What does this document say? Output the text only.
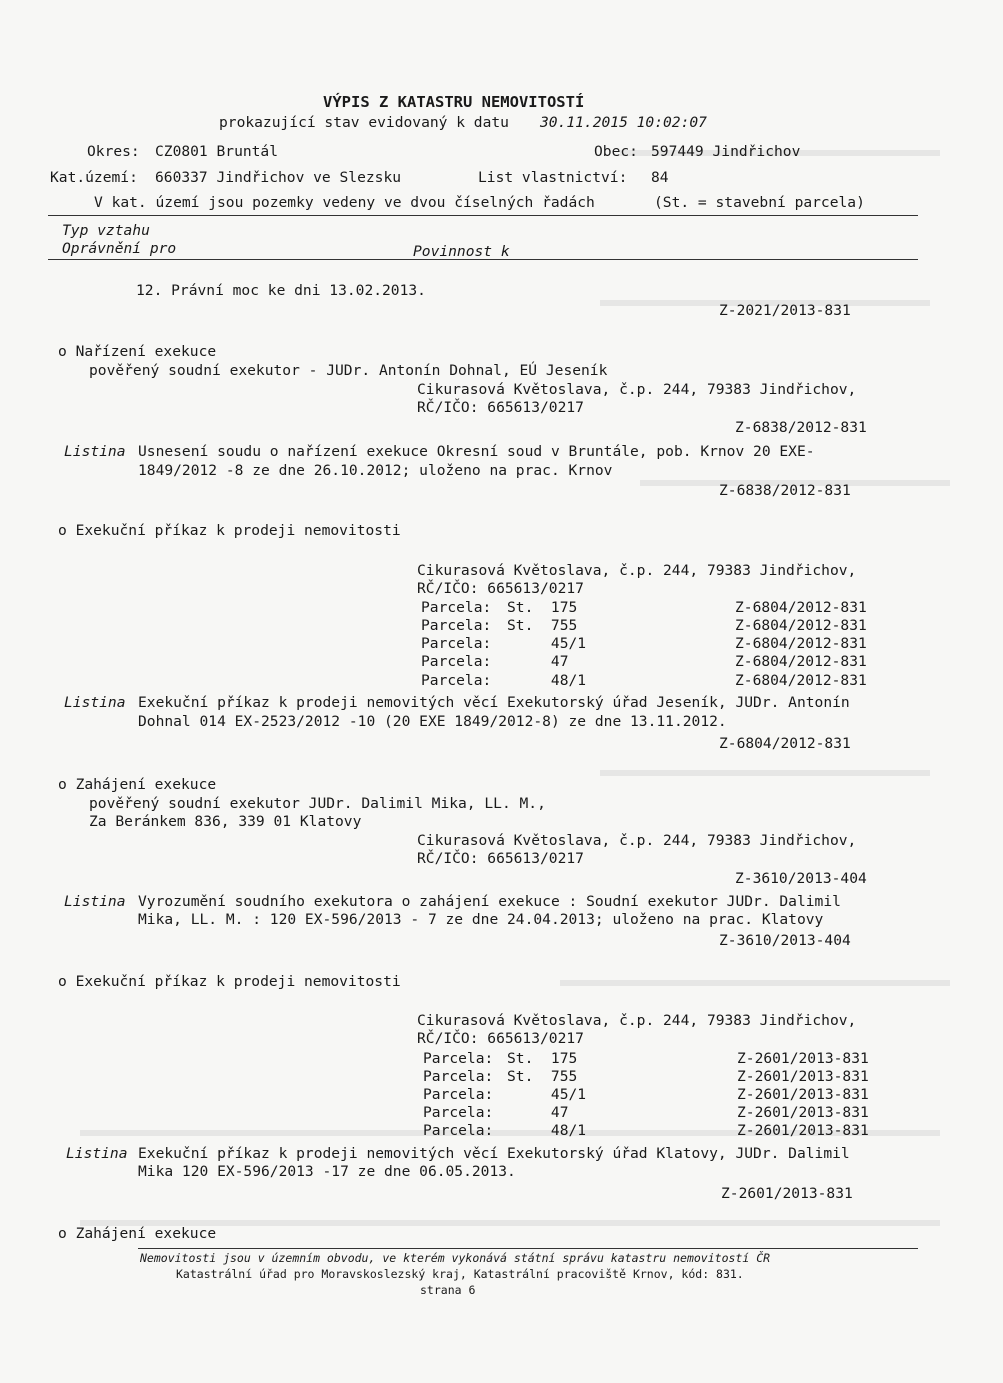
VÝPIS Z KATASTRU NEMOVITOSTÍ
prokazující stav evidovaný k datu 30.11.2015 10:02:07
Okres: CZ0801 Bruntál	Obec: 597449 Jindřichov
Kat.území: 660337 Jindřichov ve Slezsku	List vlastnictví: 84
V kat. území jsou pozemky vedeny ve dvou číselných řadách	(St. = stavební parcela)
Typ vztahu
Oprávnění pro	Povinnost k
12. Právní moc ke dni 13.02.2013.
Z-2021/2013-831
o Nařízení exekuce
pověřený soudní exekutor - JUDr. Antonín Dohnal, EÚ Jeseník
Cikurasová Květoslava, č.p. 244, 79383 Jindřichov,
RČ/IČO: 665613/0217
Z-6838/2012-831
Listina Usnesení soudu o nařízení exekuce Okresní soud v Bruntále, pob. Krnov 20 EXE-
1849/2012 -8 ze dne 26.10.2012; uloženo na prac. Krnov
Z-6838/2012-831
o Exekuční příkaz k prodeji nemovitosti
Cikurasová Květoslava, č.p. 244, 79383 Jindřichov,
RČ/IČO: 665613/0217
Parcela: St.  175	Z-6804/2012-831
Parcela: St.  755	Z-6804/2012-831
Parcela: 45/1	Z-6804/2012-831
Parcela: 47	Z-6804/2012-831
Parcela: 48/1	Z-6804/2012-831
Listina Exekuční příkaz k prodeji nemovitých věcí Exekutorský úřad Jeseník, JUDr. Antonín
Dohnal 014 EX-2523/2012 -10 (20 EXE 1849/2012-8) ze dne 13.11.2012.
Z-6804/2012-831
o Zahájení exekuce
pověřený soudní exekutor JUDr. Dalimil Mika, LL. M.,
Za Beránkem 836, 339 01 Klatovy
Cikurasová Květoslava, č.p. 244, 79383 Jindřichov,
RČ/IČO: 665613/0217
Z-3610/2013-404
Listina Vyrozumění soudního exekutora o zahájení exekuce : Soudní exekutor JUDr. Dalimil
Mika, LL. M. : 120 EX-596/2013 - 7 ze dne 24.04.2013; uloženo na prac. Klatovy
Z-3610/2013-404
o Exekuční příkaz k prodeji nemovitosti
Cikurasová Květoslava, č.p. 244, 79383 Jindřichov,
RČ/IČO: 665613/0217
Parcela: St.  175	Z-2601/2013-831
Parcela: St.  755	Z-2601/2013-831
Parcela: 45/1	Z-2601/2013-831
Parcela: 47	Z-2601/2013-831
Parcela: 48/1	Z-2601/2013-831
Listina Exekuční příkaz k prodeji nemovitých věcí Exekutorský úřad Klatovy, JUDr. Dalimil
Mika 120 EX-596/2013 -17 ze dne 06.05.2013.
Z-2601/2013-831
o Zahájení exekuce
Nemovitosti jsou v územním obvodu, ve kterém vykonává státní správu katastru nemovitostí ČR
Katastrální úřad pro Moravskoslezský kraj, Katastrální pracoviště Krnov, kód: 831.
strana 6
